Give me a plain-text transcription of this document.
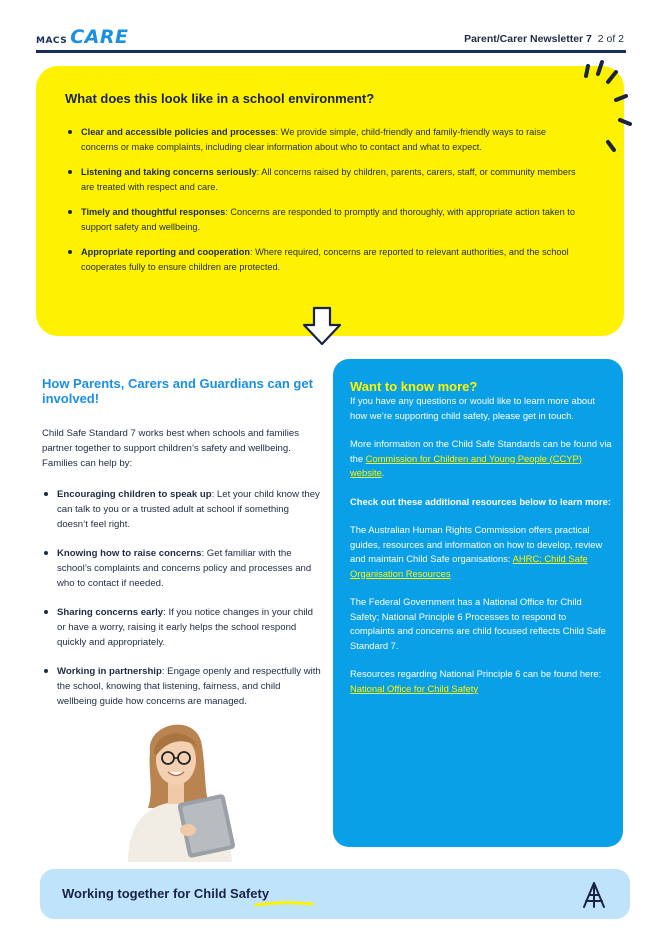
MACS CARE	Parent/Carer Newsletter 7 2 of 2
What does this look like in a school environment?
Clear and accessible policies and processes: We provide simple, child-friendly and family-friendly ways to raise concerns or make complaints, including clear information about who to contact and what to expect.
Listening and taking concerns seriously: All concerns raised by children, parents, carers, staff, or community members are treated with respect and care.
Timely and thoughtful responses: Concerns are responded to promptly and thoroughly, with appropriate action taken to support safety and wellbeing.
Appropriate reporting and cooperation: Where required, concerns are reported to relevant authorities, and the school cooperates fully to ensure children are protected.
How Parents, Carers and Guardians can get involved!

Child Safe Standard 7 works best when schools and families partner together to support children’s safety and wellbeing. Families can help by:

Encouraging children to speak up: Let your child know they can talk to you or a trusted adult at school if something doesn’t feel right.
Knowing how to raise concerns: Get familiar with the school’s complaints and concerns policy and processes and who to contact if needed.
Sharing concerns early: If you notice changes in your child or have a worry, raising it early helps the school respond quickly and appropriately.
Working in partnership: Engage openly and respectfully with the school, knowing that listening, fairness, and child wellbeing guide how concerns are managed.
Want to know more?

If you have any questions or would like to learn more about how we’re supporting child safety, please get in touch.

More information on the Child Safe Standards can be found via the Commission for Children and Young People (CCYP) website.

Check out these additional resources below to learn more:

The Australian Human Rights Commission offers practical guides, resources and information on how to develop, review and maintain Child Safe organisations: AHRC: Child Safe Organisation Resources

The Federal Government has a National Office for Child Safety; National Principle 6 Processes to respond to complaints and concerns are child focused reflects Child Safe Standard 7.

Resources regarding National Principle 6 can be found here: National Office for Child Safety

Working together for Child Safety
